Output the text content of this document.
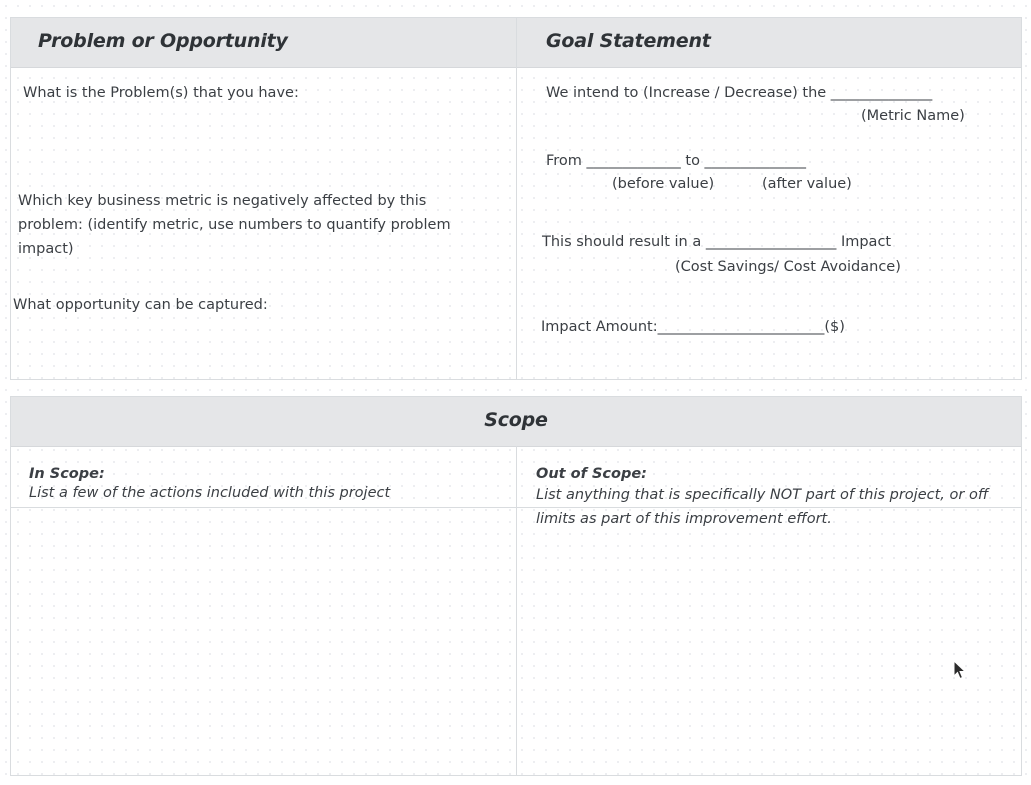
Problem or Opportunity	Goal Statement
What is the Problem(s) that you have:
Which key business metric is negatively affected by this problem: (identify metric, use numbers to quantify problem impact)
What opportunity can be captured:
We intend to (Increase / Decrease) the ______________
(Metric Name)
From _____________ to ______________
(before value)	(after value)
This should result in a __________________ Impact
(Cost Savings/ Cost Avoidance)
Impact Amount:_______________________($)
Scope
In Scope:
List a few of the actions included with this project
Out of Scope:
List anything that is specifically NOT part of this project, or off limits as part of this improvement effort.
